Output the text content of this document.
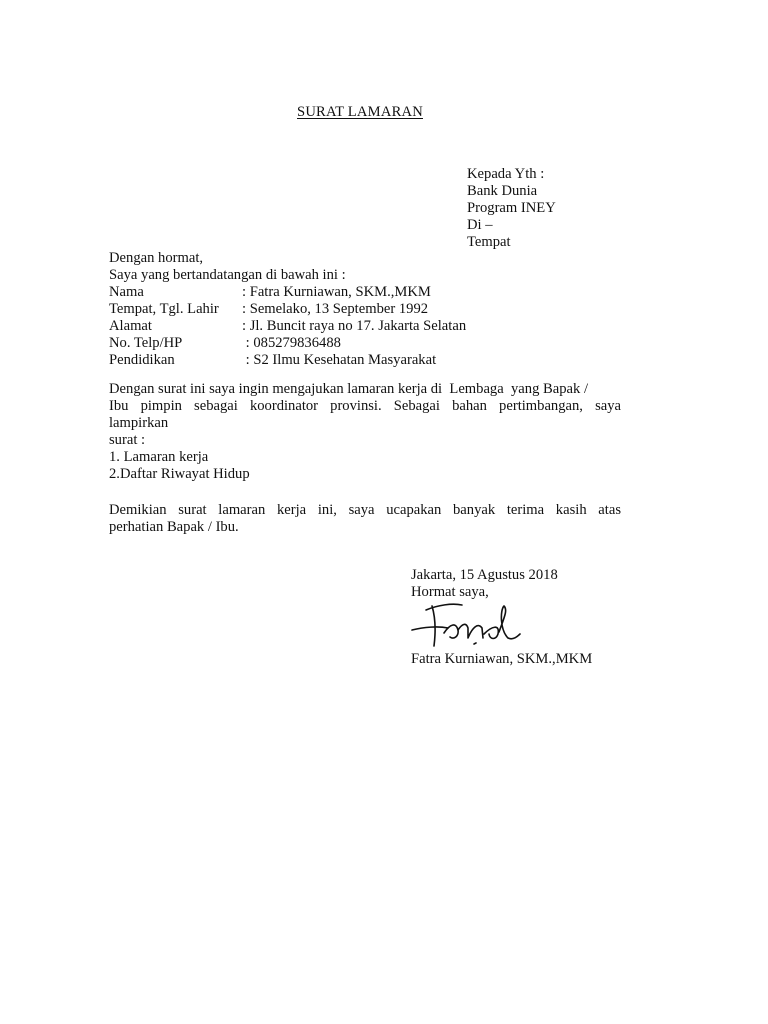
SURAT LAMARAN
Kepada Yth :
Bank Dunia
Program INEY
Di –
Tempat
Dengan hormat,
Saya yang bertandatangan di bawah ini :
Nama	: Fatra Kurniawan, SKM.,MKM
Tempat, Tgl. Lahir	: Semelako, 13 September 1992
Alamat	: Jl. Buncit raya no 17. Jakarta Selatan
No. Telp/HP	: 085279836488
Pendidikan	: S2 Ilmu Kesehatan Masyarakat
Dengan surat ini saya ingin mengajukan lamaran kerja di  Lembaga  yang Bapak /
Ibu pimpin sebagai koordinator provinsi. Sebagai bahan pertimbangan, saya
lampirkan
surat :
1. Lamaran kerja
2.Daftar Riwayat Hidup
Demikian surat lamaran kerja ini, saya ucapakan banyak terima kasih atas
perhatian Bapak / Ibu.
Jakarta, 15 Agustus 2018
Hormat saya,
Fatra Kurniawan, SKM.,MKM
